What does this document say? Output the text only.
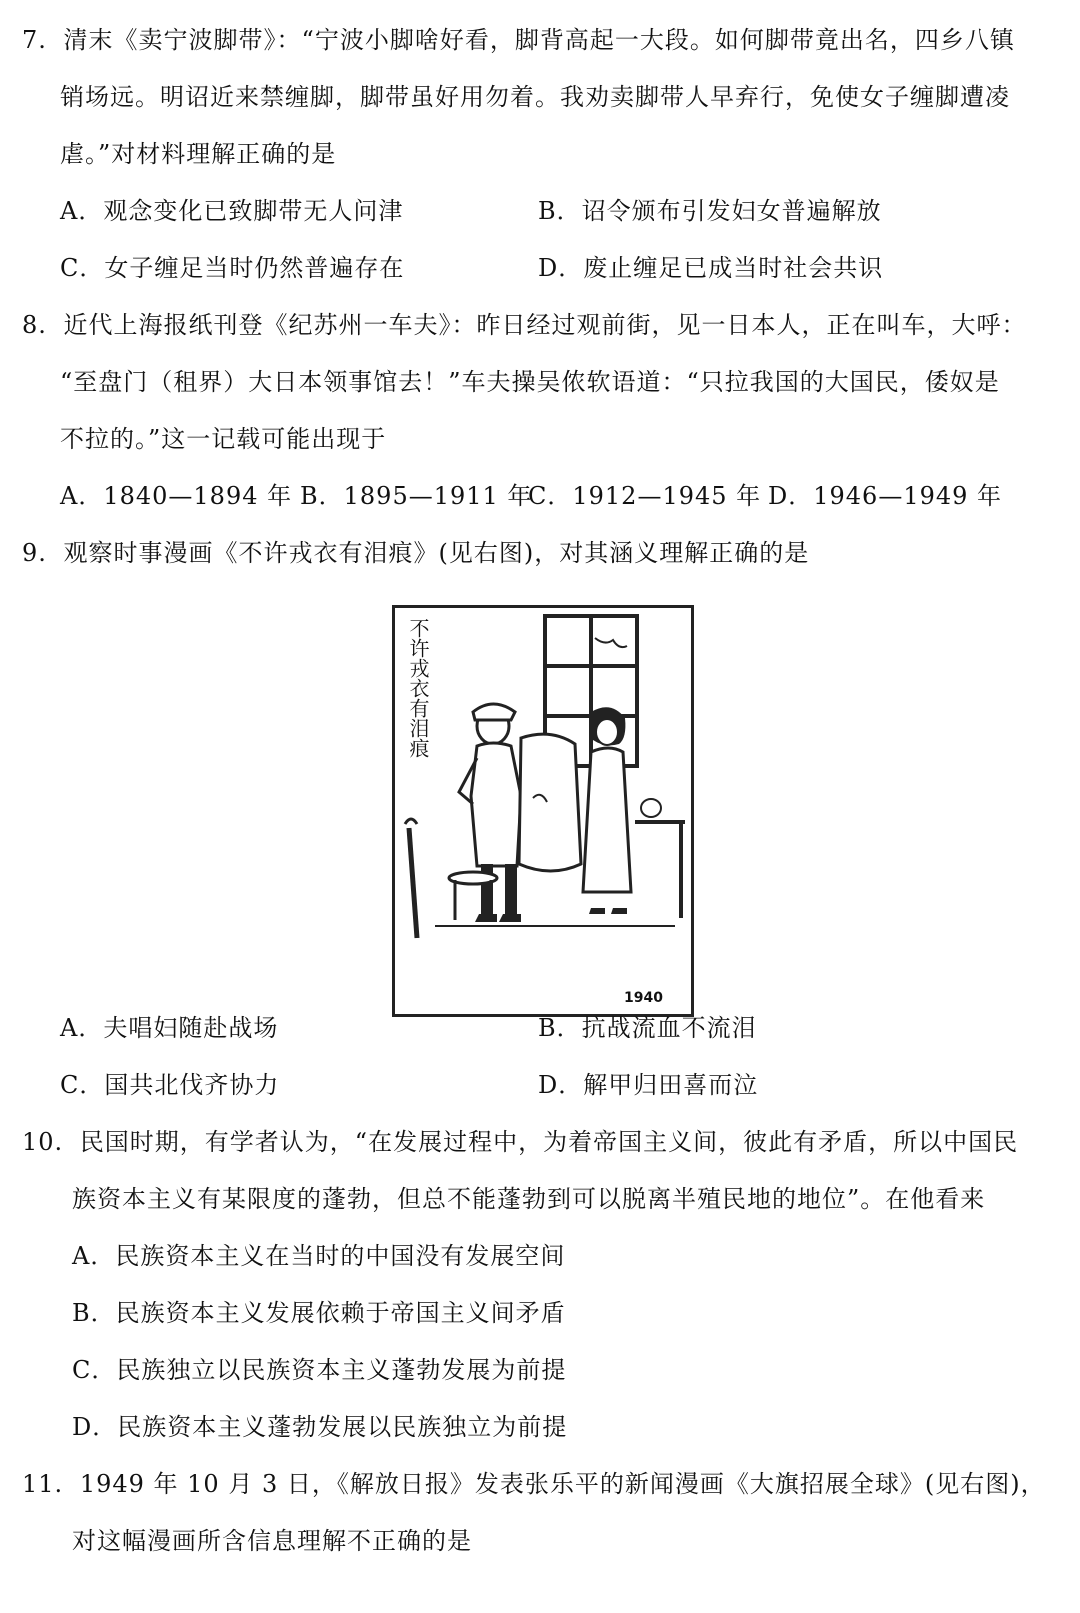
7. 清末《卖宁波脚带》：“宁波小脚啥好看，脚背高起一大段。如何脚带竟出名，四乡八镇
销场远。明诏近来禁缠脚，脚带虽好用勿着。我劝卖脚带人早弃行，免使女子缠脚遭凌
虐。”对材料理解正确的是
A．观念变化已致脚带无人问津	B．诏令颁布引发妇女普遍解放
C．女子缠足当时仍然普遍存在	D．废止缠足已成当时社会共识
8. 近代上海报纸刊登《纪苏州一车夫》：昨日经过观前街，见一日本人，正在叫车，大呼：
“至盘门（租界）大日本领事馆去！”车夫操吴侬软语道：“只拉我国的大国民，倭奴是
不拉的。”这一记载可能出现于
A．1840—1894 年 B．1895—1911 年
C．1912—1945 年 D．1946—1949 年
9. 观察时事漫画《不许戎衣有泪痕》(见右图)，对其涵义理解正确的是
不许戎衣有泪痕
1940
A．夫唱妇随赴战场	B．抗战流血不流泪
C．国共北伐齐协力	D．解甲归田喜而泣
10. 民国时期，有学者认为，“在发展过程中，为着帝国主义间，彼此有矛盾，所以中国民
族资本主义有某限度的蓬勃，但总不能蓬勃到可以脱离半殖民地的地位”。在他看来
A．民族资本主义在当时的中国没有发展空间
B．民族资本主义发展依赖于帝国主义间矛盾
C．民族独立以民族资本主义蓬勃发展为前提
D．民族资本主义蓬勃发展以民族独立为前提
11. 1949 年 10 月 3 日，《解放日报》发表张乐平的新闻漫画《大旗招展全球》(见右图)，
对这幅漫画所含信息理解不正确的是
